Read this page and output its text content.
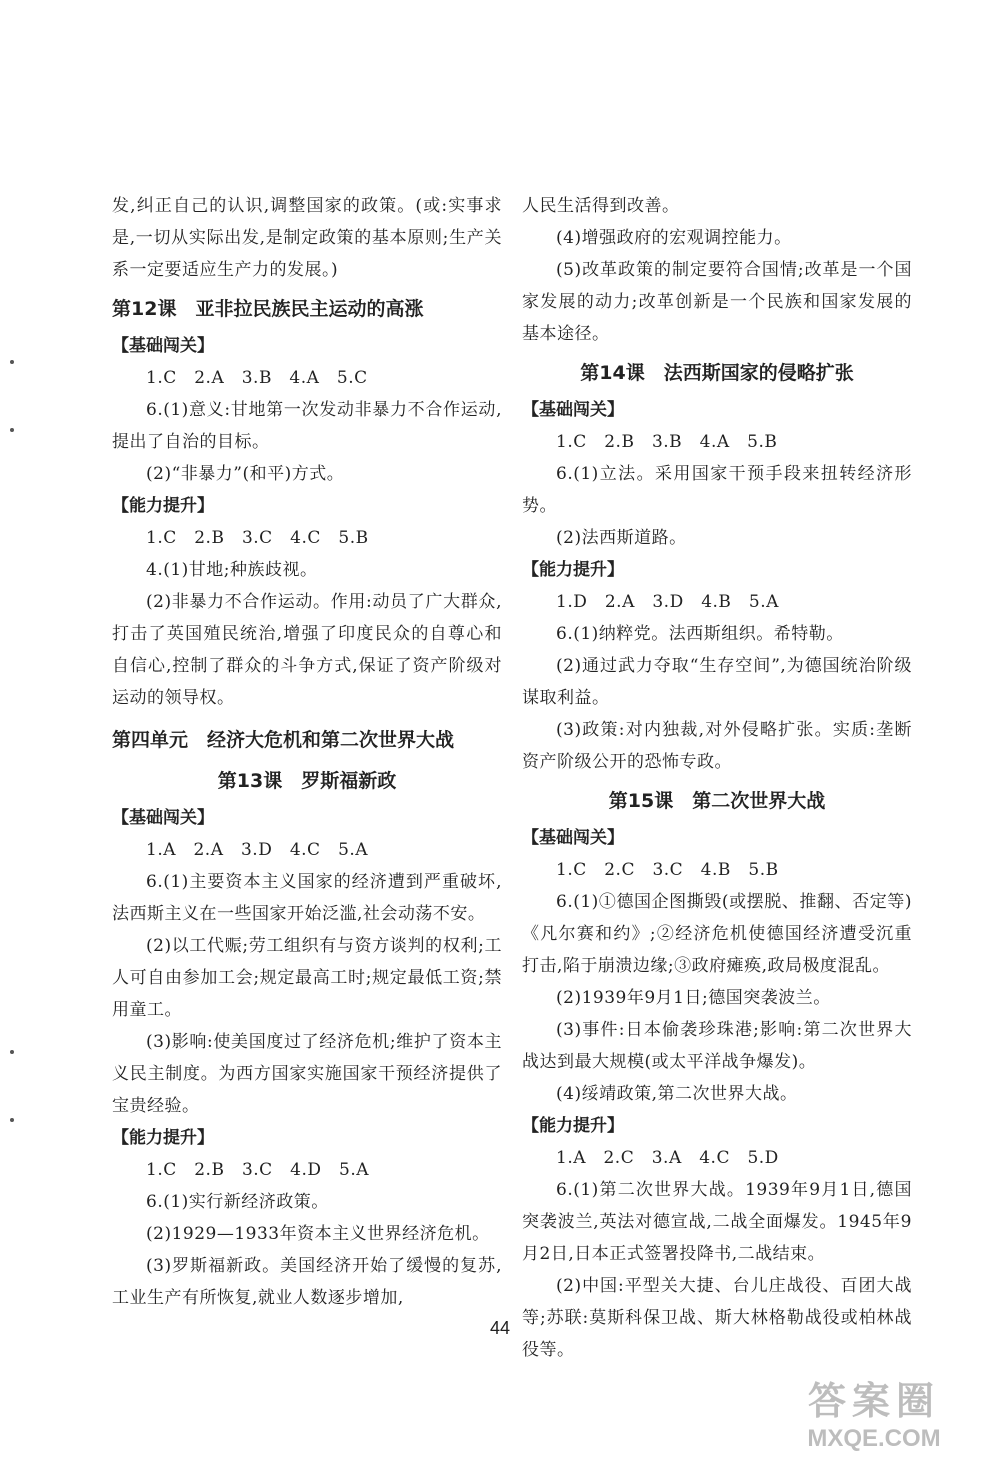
发,纠正自己的认识,调整国家的政策。(或:实事求是,一切从实际出发,是制定政策的基本原则;生产关系一定要适应生产力的发展。)
第12课　亚非拉民族民主运动的高涨
【基础闯关】
1.C　2.A　3.B　4.A　5.C
6.(1)意义:甘地第一次发动非暴力不合作运动,提出了自治的目标。
(2)“非暴力”(和平)方式。
【能力提升】
1.C　2.B　3.C　4.C　5.B
4.(1)甘地;种族歧视。
(2)非暴力不合作运动。作用:动员了广大群众,打击了英国殖民统治,增强了印度民众的自尊心和自信心,控制了群众的斗争方式,保证了资产阶级对运动的领导权。
第四单元　经济大危机和第二次世界大战
第13课　罗斯福新政
【基础闯关】
1.A　2.A　3.D　4.C　5.A
6.(1)主要资本主义国家的经济遭到严重破坏,法西斯主义在一些国家开始泛滥,社会动荡不安。
(2)以工代赈;劳工组织有与资方谈判的权利;工人可自由参加工会;规定最高工时;规定最低工资;禁用童工。
(3)影响:使美国度过了经济危机;维护了资本主义民主制度。为西方国家实施国家干预经济提供了宝贵经验。
【能力提升】
1.C　2.B　3.C　4.D　5.A
6.(1)实行新经济政策。
(2)1929—1933年资本主义世界经济危机。
(3)罗斯福新政。美国经济开始了缓慢的复苏,工业生产有所恢复,就业人数逐步增加,
人民生活得到改善。
(4)增强政府的宏观调控能力。
(5)改革政策的制定要符合国情;改革是一个国家发展的动力;改革创新是一个民族和国家发展的基本途径。
第14课　法西斯国家的侵略扩张
【基础闯关】
1.C　2.B　3.B　4.A　5.B
6.(1)立法。采用国家干预手段来扭转经济形势。
(2)法西斯道路。
【能力提升】
1.D　2.A　3.D　4.B　5.A
6.(1)纳粹党。法西斯组织。希特勒。
(2)通过武力夺取“生存空间”,为德国统治阶级谋取利益。
(3)政策:对内独裁,对外侵略扩张。实质:垄断资产阶级公开的恐怖专政。
第15课　第二次世界大战
【基础闯关】
1.C　2.C　3.C　4.B　5.B
6.(1)①德国企图撕毁(或摆脱、推翻、否定等)《凡尔赛和约》;②经济危机使德国经济遭受沉重打击,陷于崩溃边缘;③政府瘫痪,政局极度混乱。
(2)1939年9月1日;德国突袭波兰。
(3)事件:日本偷袭珍珠港;影响:第二次世界大战达到最大规模(或太平洋战争爆发)。
(4)绥靖政策,第二次世界大战。
【能力提升】
1.A　2.C　3.A　4.C　5.D
6.(1)第二次世界大战。1939年9月1日,德国突袭波兰,英法对德宣战,二战全面爆发。1945年9月2日,日本正式签署投降书,二战结束。
(2)中国:平型关大捷、台儿庄战役、百团大战等;苏联:莫斯科保卫战、斯大林格勒战役或柏林战役等。
44
答案圈
MXQE.COM
